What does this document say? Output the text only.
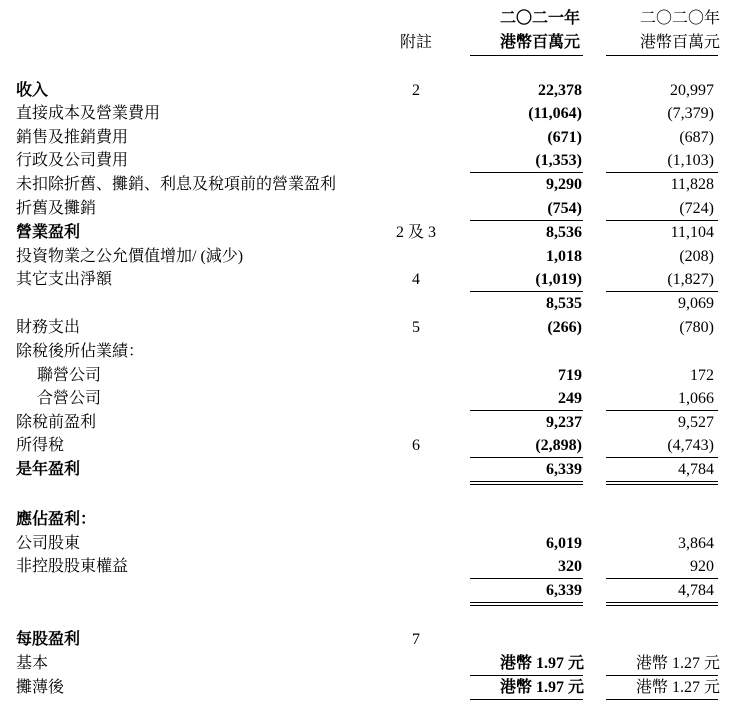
二〇二一年
港幣百萬元
二〇二〇年
港幣百萬元
附註
收入	2	22,378	20,997
直接成本及營業費用	(11,064)	(7,379)
銷售及推銷費用	(671)	(687)
行政及公司費用	(1,353)	(1,103)
未扣除折舊、攤銷、利息及稅項前的營業盈利	9,290	11,828
折舊及攤銷	(754)	(724)
營業盈利	2 及 3	8,536	11,104
投資物業之公允價值增加/ (減少)	1,018	(208)
其它支出淨額	4	(1,019)	(1,827)
8,535	9,069
財務支出	5	(266)	(780)
除稅後所佔業績：
聯營公司	719	172
合營公司	249	1,066
除稅前盈利	9,237	9,527
所得稅	6	(2,898)	(4,743)
是年盈利	6,339	4,784
應佔盈利：
公司股東	6,019	3,864
非控股股東權益	320	920
6,339	4,784
每股盈利	7
基本	港幣 1.97 元	港幣 1.27 元
攤薄後	港幣 1.97 元	港幣 1.27 元
